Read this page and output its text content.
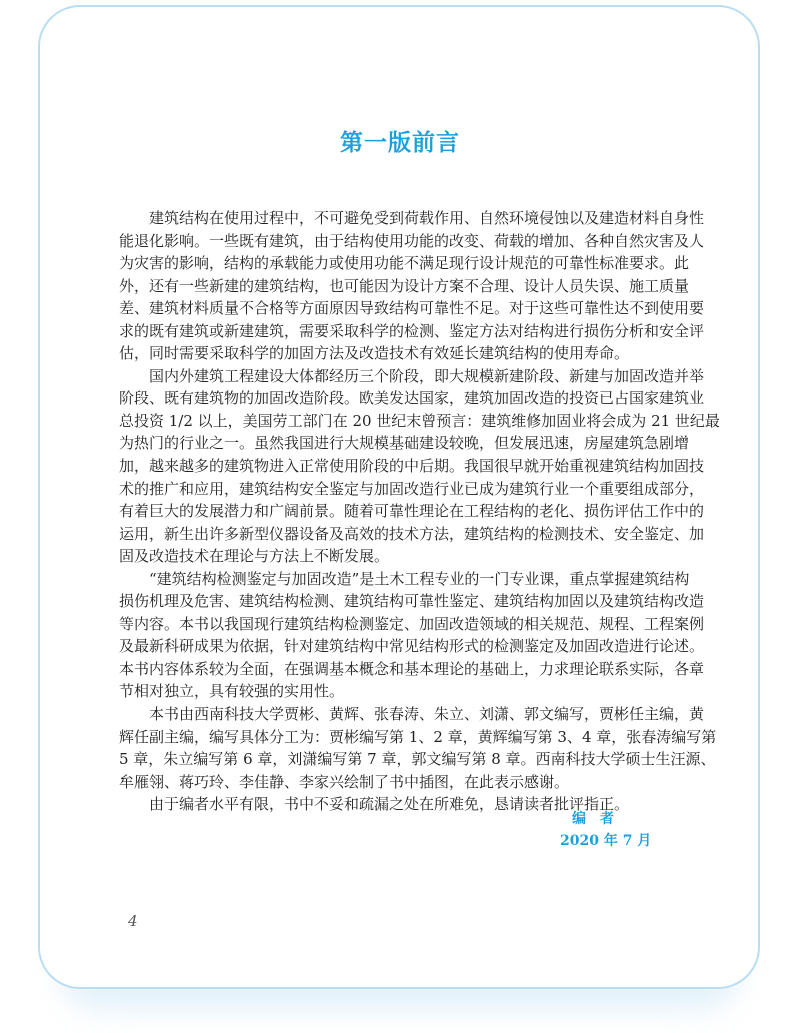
第一版前言
建筑结构在使用过程中，不可避免受到荷载作用、自然环境侵蚀以及建造材料自身性
能退化影响。一些既有建筑，由于结构使用功能的改变、荷载的增加、各种自然灾害及人
为灾害的影响，结构的承载能力或使用功能不满足现行设计规范的可靠性标准要求。此
外，还有一些新建的建筑结构，也可能因为设计方案不合理、设计人员失误、施工质量
差、建筑材料质量不合格等方面原因导致结构可靠性不足。对于这些可靠性达不到使用要
求的既有建筑或新建建筑，需要采取科学的检测、鉴定方法对结构进行损伤分析和安全评
估，同时需要采取科学的加固方法及改造技术有效延长建筑结构的使用寿命。
国内外建筑工程建设大体都经历三个阶段，即大规模新建阶段、新建与加固改造并举
阶段、既有建筑物的加固改造阶段。欧美发达国家，建筑加固改造的投资已占国家建筑业
总投资 1/2 以上，美国劳工部门在 20 世纪末曾预言：建筑维修加固业将会成为 21 世纪最
为热门的行业之一。虽然我国进行大规模基础建设较晚，但发展迅速，房屋建筑急剧增
加，越来越多的建筑物进入正常使用阶段的中后期。我国很早就开始重视建筑结构加固技
术的推广和应用，建筑结构安全鉴定与加固改造行业已成为建筑行业一个重要组成部分，
有着巨大的发展潜力和广阔前景。随着可靠性理论在工程结构的老化、损伤评估工作中的
运用，新生出许多新型仪器设备及高效的技术方法，建筑结构的检测技术、安全鉴定、加
固及改造技术在理论与方法上不断发展。
“建筑结构检测鉴定与加固改造”是土木工程专业的一门专业课，重点掌握建筑结构
损伤机理及危害、建筑结构检测、建筑结构可靠性鉴定、建筑结构加固以及建筑结构改造
等内容。本书以我国现行建筑结构检测鉴定、加固改造领域的相关规范、规程、工程案例
及最新科研成果为依据，针对建筑结构中常见结构形式的检测鉴定及加固改造进行论述。
本书内容体系较为全面，在强调基本概念和基本理论的基础上，力求理论联系实际，各章
节相对独立，具有较强的实用性。
本书由西南科技大学贾彬、黄辉、张春涛、朱立、刘潇、郭文编写，贾彬任主编，黄
辉任副主编，编写具体分工为：贾彬编写第 1、2 章，黄辉编写第 3、4 章，张春涛编写第
5 章，朱立编写第 6 章，刘潇编写第 7 章，郭文编写第 8 章。西南科技大学硕士生汪源、
牟雁翎、蒋巧玲、李佳静、李家兴绘制了书中插图，在此表示感谢。
由于编者水平有限，书中不妥和疏漏之处在所难免，恳请读者批评指正。
编　者
2020 年 7 月
4
